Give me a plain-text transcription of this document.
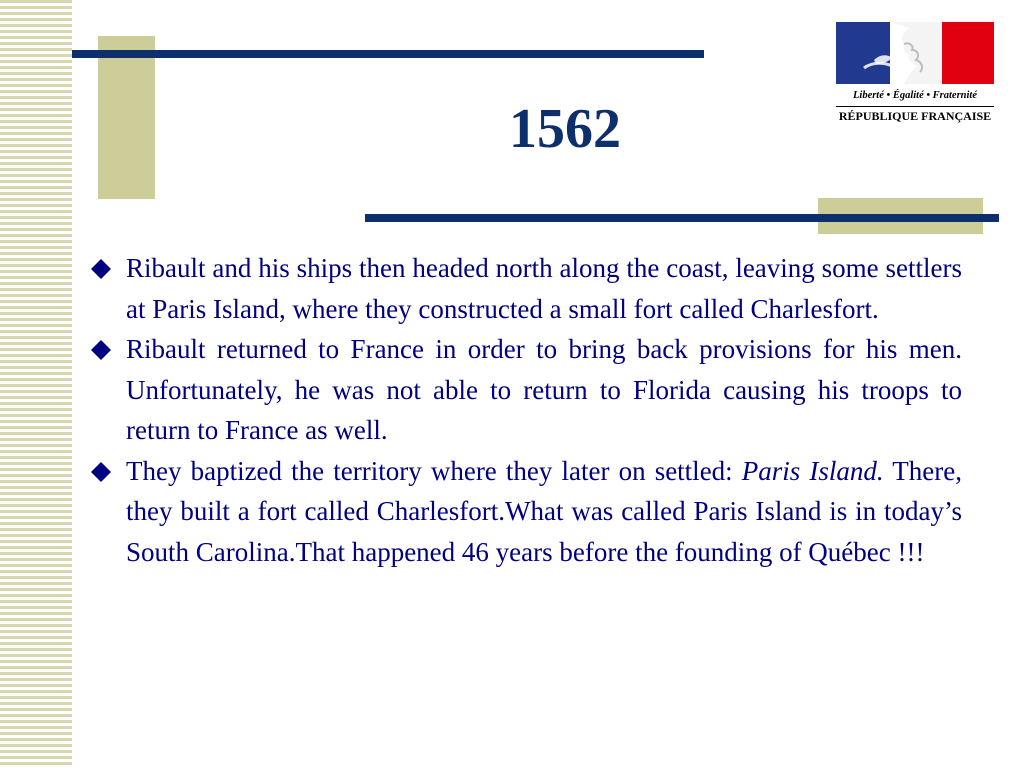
1562
Liberté • Égalité • Fraternité
RÉPUBLIQUE FRANÇAISE
Ribault and his ships then headed north along the coast, leaving some settlers at Paris Island, where they constructed a small fort called Charlesfort.
Ribault returned to France in order to bring back provisions for his men. Unfortunately, he was not able to return to Florida causing his troops to return to France as well.
They baptized the territory where they later on settled: Paris Island. There, they built a fort called Charlesfort.What was called Paris Island is in today’s South Carolina.That happened 46 years before the founding of Québec !!!
